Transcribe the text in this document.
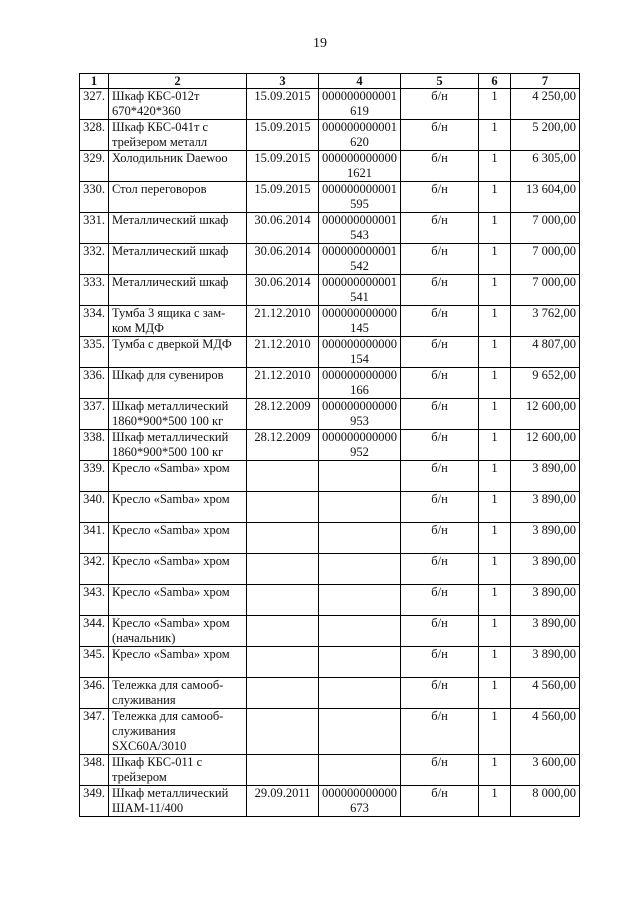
19
1	2	3	4	5	6	7
327.	Шкаф КБС-012т 670*420*360	15.09.2015	000000000001619	б/н	1	4 250,00
328.	Шкаф КБС-041т с трейзером металл	15.09.2015	000000000001620	б/н	1	5 200,00
329.	Холодильник Daewoo	15.09.2015	0000000000001621	б/н	1	6 305,00
330.	Стол переговоров	15.09.2015	000000000001595	б/н	1	13 604,00
331.	Металлический шкаф	30.06.2014	000000000001543	б/н	1	7 000,00
332.	Металлический шкаф	30.06.2014	000000000001542	б/н	1	7 000,00
333.	Металлический шкаф	30.06.2014	000000000001541	б/н	1	7 000,00
334.	Тумба 3 ящика с зам-ком МДФ	21.12.2010	000000000000145	б/н	1	3 762,00
335.	Тумба с дверкой МДФ	21.12.2010	000000000000154	б/н	1	4 807,00
336.	Шкаф для сувениров	21.12.2010	000000000000166	б/н	1	9 652,00
337.	Шкаф металлический 1860*900*500 100 кг	28.12.2009	000000000000953	б/н	1	12 600,00
338.	Шкаф металлический 1860*900*500 100 кг	28.12.2009	000000000000952	б/н	1	12 600,00
339.	Кресло «Samba» хром			б/н	1	3 890,00
340.	Кресло «Samba» хром			б/н	1	3 890,00
341.	Кресло «Samba» хром			б/н	1	3 890,00
342.	Кресло «Samba» хром			б/н	1	3 890,00
343.	Кресло «Samba» хром			б/н	1	3 890,00
344.	Кресло «Samba» хром (начальник)			б/н	1	3 890,00
345.	Кресло «Samba» хром			б/н	1	3 890,00
346.	Тележка для самооб-служивания			б/н	1	4 560,00
347.	Тележка для самооб-служивания SXC60A/3010			б/н	1	4 560,00
348.	Шкаф КБС-011 с трейзером			б/н	1	3 600,00
349.	Шкаф металлический ШАМ-11/400	29.09.2011	000000000000673	б/н	1	8 000,00
